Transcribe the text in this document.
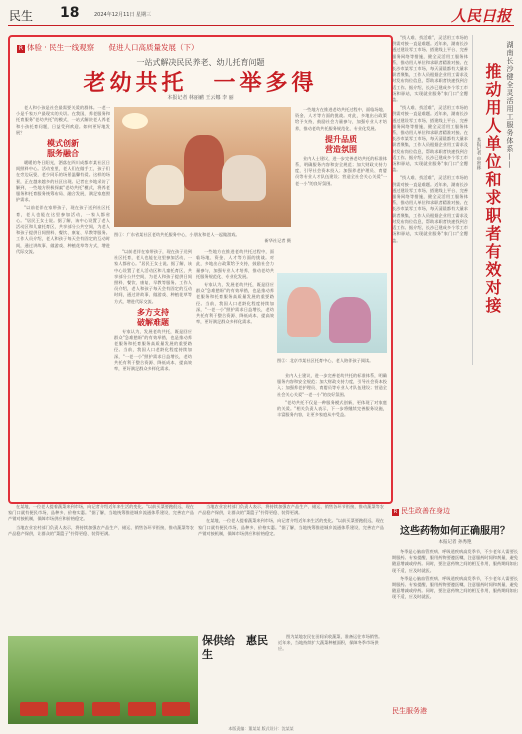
民生 18	2024年12月11日 星期三	人民日报
R 体验 · 民生一线观察 促进人口高质量发展（下）
一站式解决民民养老、幼儿托育问题
老幼共托　一举多得
本报记者 林丽鹂 王云娜 李 丽

老人和小孩是社会最需要关爱的群体。一老一小是千家万户最现实的关切。在我国，养老服务和托育服务"老幼共托"的模式，一站式解决老人养老和小孩托育问题，日益受到欢迎。如何更好地发展？

模式创新
服务融合

暖暖的冬日阳光，洒落在四川成都市某社区日间照料中心。活动室里，老人们在做手工，孩子们在旁边玩耍，老少同乐的场景温馨有爱。这样的场景，正在越来越多的社区出现。记者在多地采访了解到，一些地方积极探索"老幼共托"模式，将养老服务和托育服务统筹布局、融合发展，满足家庭照护需求。

"以前老伴在家带孩子，现在孩子送到社区托育，老人也能在这里参加活动，一家人都省心。"居民王女士说。据了解，该中心设置了老人活动区和儿童托育区，共享部分公共空间，为老人和孩子提供日间照料、餐饮、康复、早教等服务。工作人员介绍，老人和孩子每天会有固定的互动时间，通过讲故事、做游戏、种植花草等方式，增进代际交流。

图①：广东省某社区老幼共托服务中心，小朋友和老人一起做游戏。
新华社记者 摄

"以前老伴在家带孩子，现在孩子送到社区托育，老人也能在这里参加活动，一家人都省心。"居民王女士说。据了解，该中心设置了老人活动区和儿童托育区，共享部分公共空间，为老人和孩子提供日间照料、餐饮、康复、早教等服务。工作人员介绍，老人和孩子每天会有固定的互动时间，通过讲故事、做游戏、种植花草等方式，增进代际交流。

多方支持
破解难题

专家认为，发展老幼共托，既是回应群众"急难愁盼"的有效举措，也是推动养老服务和托育服务高质量发展的重要路径。当前，我国人口老龄化程度持续加深，"一老一小"照护需求日益增长，老幼共托有利于整合资源、降低成本、提高效率，更好满足群众多样化需求。

一些地方在推进老幼共托过程中，面临场地、资金、人才等方面的挑战。对此，多地出台政策给予支持，鼓励社会力量参与，加强专业人才培养，推动老幼共托服务规范化、专业化发展。

专家认为，发展老幼共托，既是回应群众"急难愁盼"的有效举措，也是推动养老服务和托育服务高质量发展的重要路径。当前，我国人口老龄化程度持续加深，"一老一小"照护需求日益增长，老幼共托有利于整合资源、降低成本、提高效率，更好满足群众多样化需求。

一些地方在推进老幼共托过程中，面临场地、资金、人才等方面的挑战。对此，多地出台政策给予支持，鼓励社会力量参与，加强专业人才培养，推动老幼共托服务规范化、专业化发展。

提升品质
营造氛围

业内人士建议，进一步完善老幼共托的标准体系，明确服务内容和安全规范；加大财政支持力度，引导社会资本投入；加强养老护理员、育婴员等专业人才队伍建设；营造全社会关心关爱"一老一小"的良好氛围。

图②：北京市某社区托育中心，老人陪伴孩子阅读。

业内人士建议，进一步完善老幼共托的标准体系，明确服务内容和安全规范；加大财政支持力度，引导社会资本投入；加强养老护理员、育婴员等专业人才队伍建设；营造全社会关心关爱"一老一小"的良好氛围。

"老幼共托不仅是一种服务模式创新，更体现了对家庭的关爱。"相关负责人表示，下一步将继续完善服务设施，丰富服务内容，让更多家庭从中受益。

"找人难、找活难"，灵活用工市场的供需对接一直是难题。近年来，湖南长沙通过建设零工市场、搭建线上平台、完善服务网络等措施，健全灵活用工服务体系，推动用人单位和求职者精准对接。在长沙市某零工市场，每天清晨都有大量求职者聚集，工作人员根据企业用工需求及时发布岗位信息，帮助求职者快速找到合适工作。据介绍，长沙已建成多个零工市场和驿站，实现就业服务"家门口"全覆盖。

"找人难、找活难"，灵活用工市场的供需对接一直是难题。近年来，湖南长沙通过建设零工市场、搭建线上平台、完善服务网络等措施，健全灵活用工服务体系，推动用人单位和求职者精准对接。在长沙市某零工市场，每天清晨都有大量求职者聚集，工作人员根据企业用工需求及时发布岗位信息，帮助求职者快速找到合适工作。据介绍，长沙已建成多个零工市场和驿站，实现就业服务"家门口"全覆盖。

"找人难、找活难"，灵活用工市场的供需对接一直是难题。近年来，湖南长沙通过建设零工市场、搭建线上平台、完善服务网络等措施，健全灵活用工服务体系，推动用人单位和求职者精准对接。在长沙市某零工市场，每天清晨都有大量求职者聚集，工作人员根据企业用工需求及时发布岗位信息，帮助求职者快速找到合适工作。据介绍，长沙已建成多个零工市场和驿站，实现就业服务"家门口"全覆盖。

湖南长沙健全灵活用工服务体系——
推动用人单位和求职者有效对接
本报记者 申智林

在某地，一位老人提着蔬菜来到市场，向记者介绍近年来生活的变化。"以前买菜要跑很远，现在家门口就有便民市场，品种多、价格实惠。"据了解，当地统筹推进城乡流通体系建设，完善农产品产销对接机制，保障市场供应和价格稳定。

当地农业农村部门负责人表示，将持续加强农产品生产、储运、销售各环节衔接，推动蔬菜等农产品稳产保供，让群众的"菜篮子"拎得更稳、装得更满。

当地农业农村部门负责人表示，将持续加强农产品生产、储运、销售各环节衔接，推动蔬菜等农产品稳产保供，让群众的"菜篮子"拎得更稳、装得更满。

在某地，一位老人提着蔬菜来到市场，向记者介绍近年来生活的变化。"以前买菜要跑很远，现在家门口就有便民市场，品种多、价格实惠。"据了解，当地统筹推进城乡流通体系建设，完善农产品产销对接机制，保障市场供应和价格稳定。

保供给　惠民生

图为某地农民在田间采收蔬菜，准备运往市场销售。近年来，当地持续扩大蔬菜种植面积，保障冬季市场供应。

R 民生政善在身边
这些药物如何正确服用？
本报记者 孙秀艳

冬季是心脑血管疾病、呼吸道疾病高发季节，不少老年人需要长期服药。专家提醒，服用药物要遵医嘱，注意服药时间和剂量，避免随意增减或停药。同时，要注意药物之间的相互作用，服药期间如出现不适，应及时就医。

冬季是心脑血管疾病、呼吸道疾病高发季节，不少老年人需要长期服药。专家提醒，服用药物要遵医嘱，注意服药时间和剂量，避免随意增减或停药。同时，要注意药物之间的相互作用，服药期间如出现不适，应及时就医。

民生服务港
本版责编：董某某 版式设计：沈某某
